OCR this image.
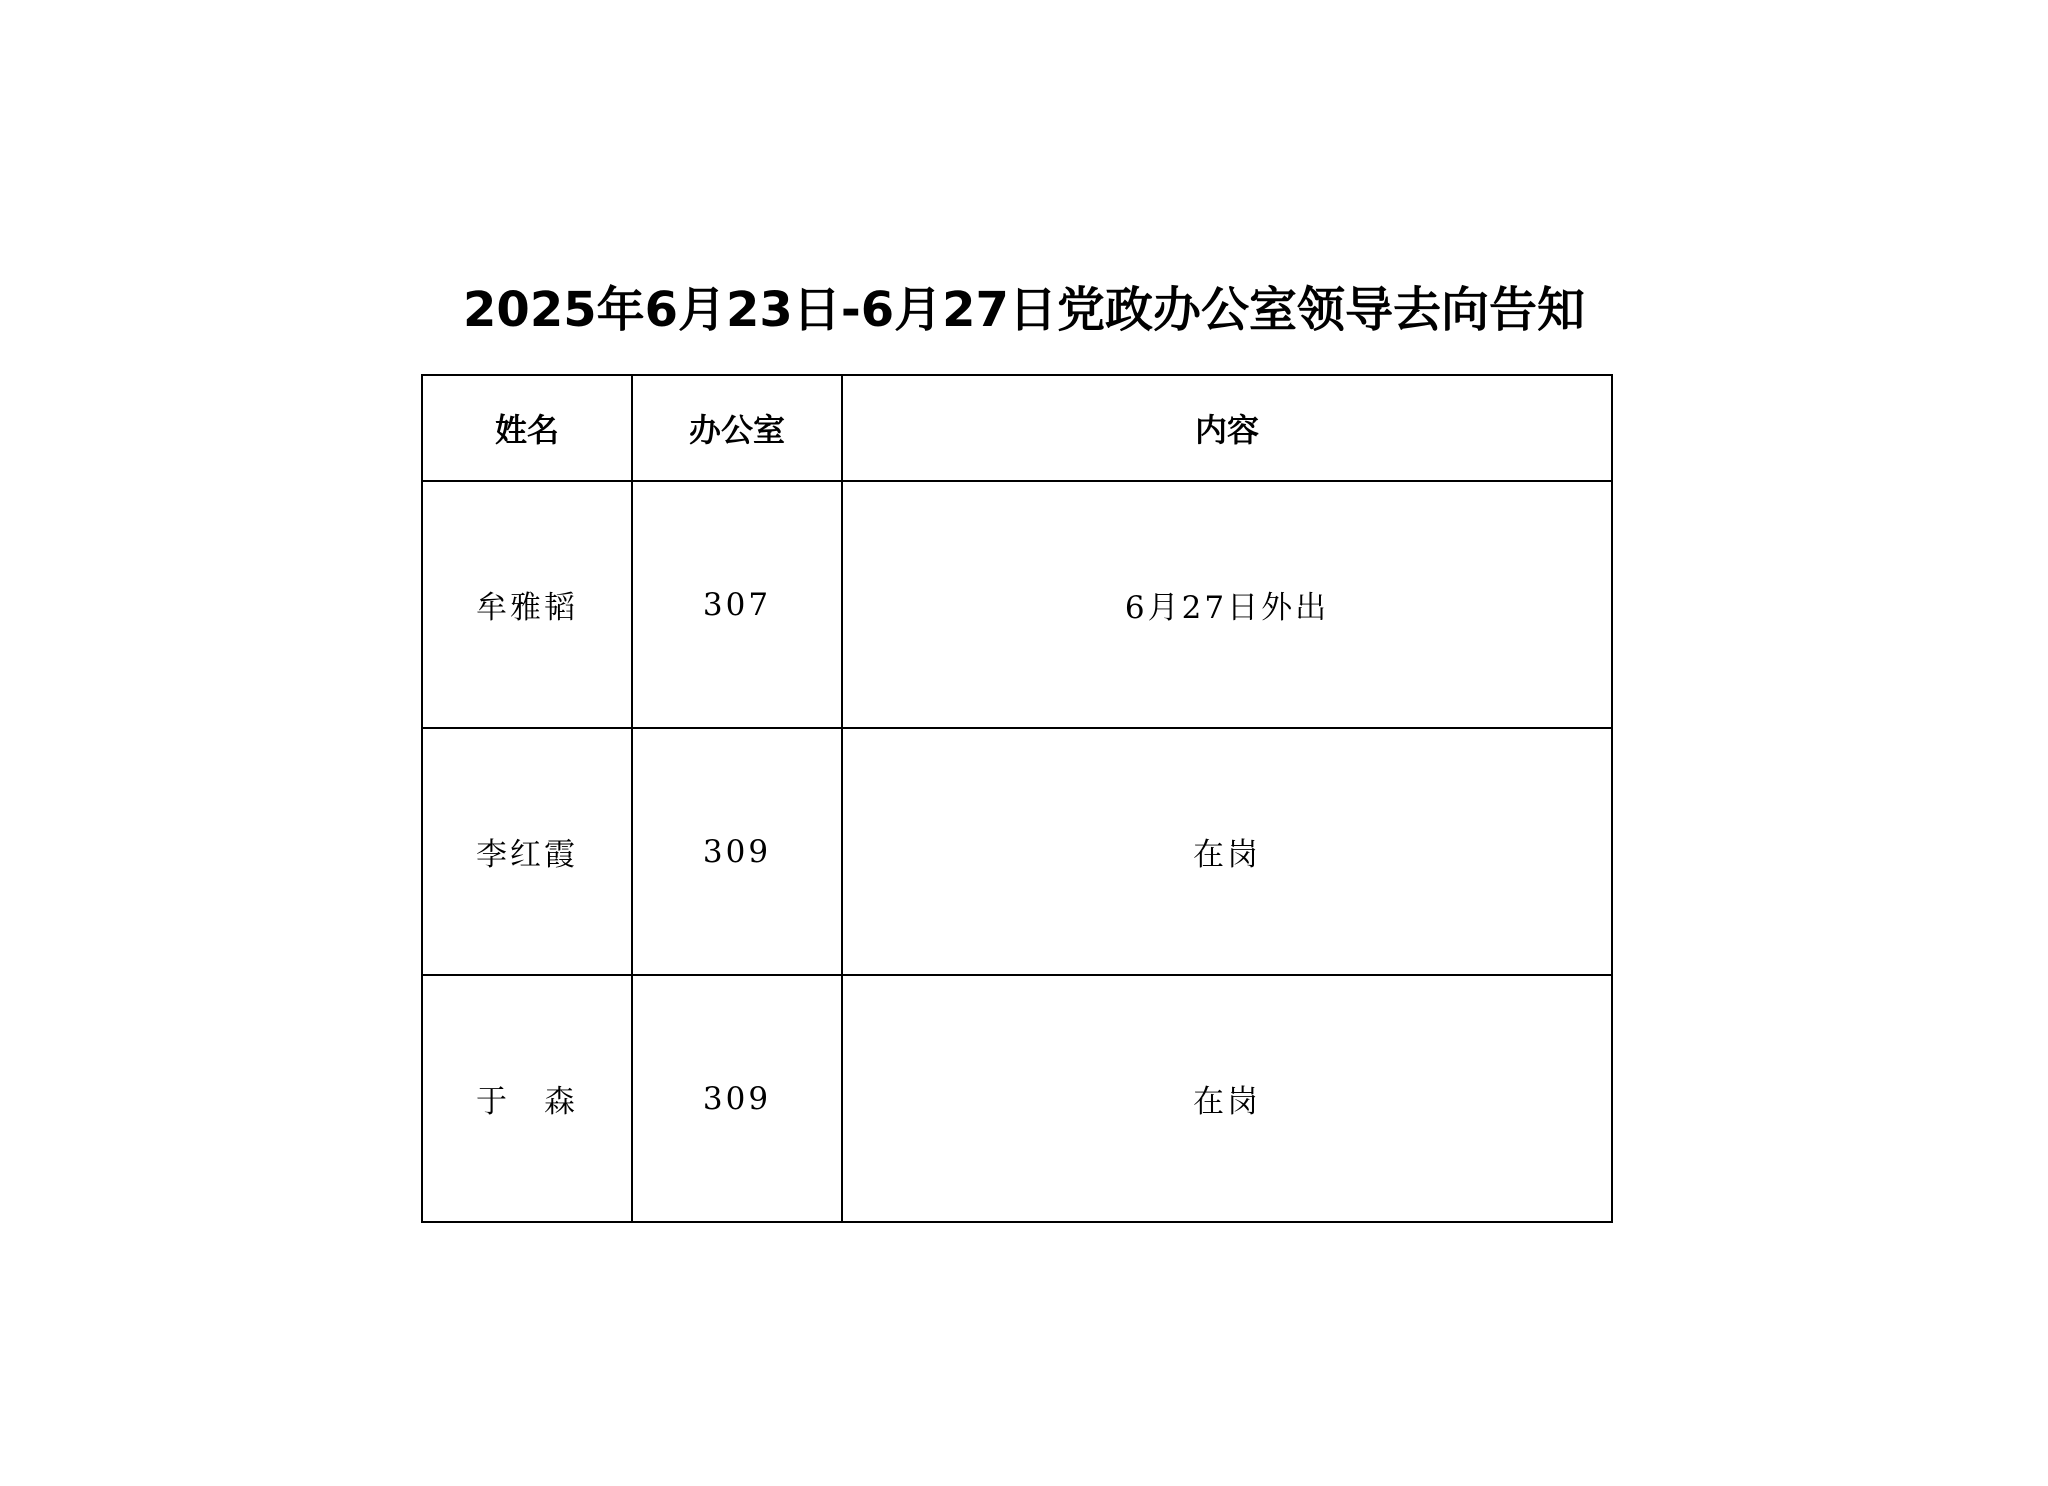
2025年6月23日-6月27日党政办公室领导去向告知
姓名	办公室	内容
牟雅韬	307	6月27日外出
李红霞	309	在岗
于　森	309	在岗
